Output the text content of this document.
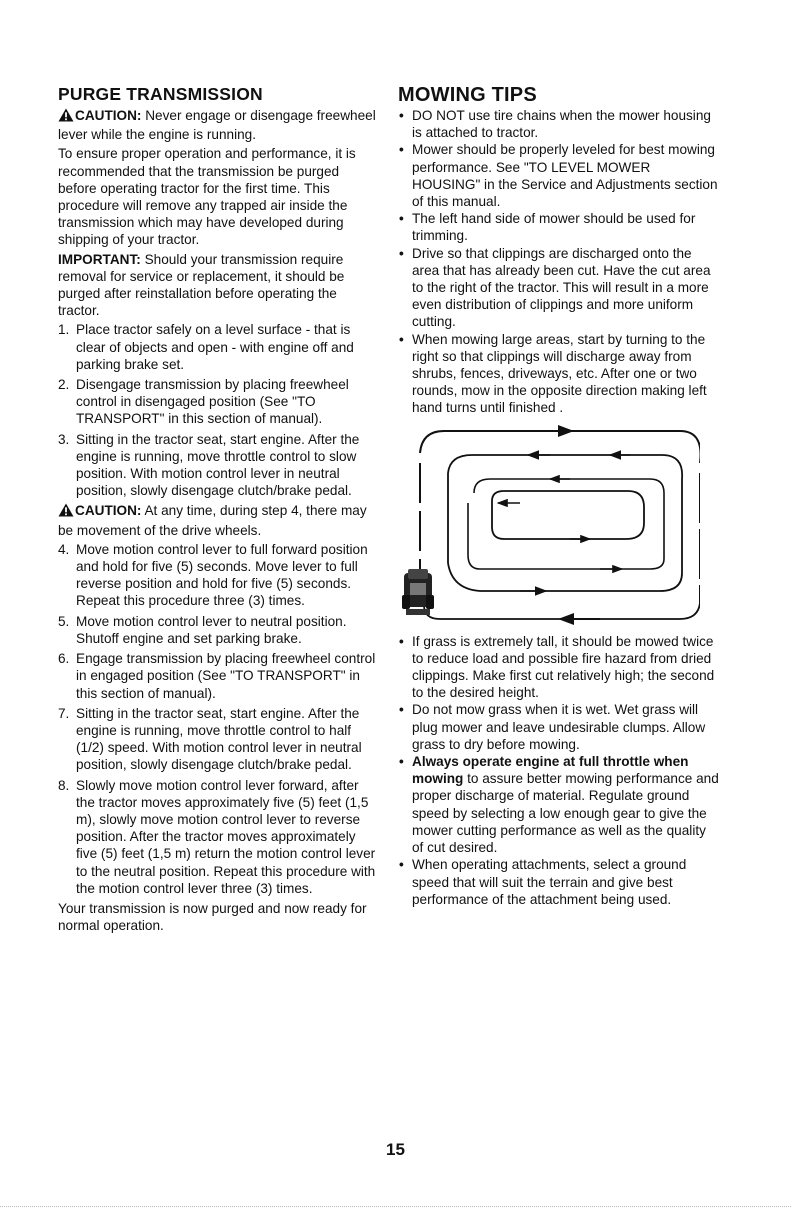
PURGE TRANSMISSION

CAUTION: Never engage or disengage freewheel lever while the engine is running.

To ensure proper operation and performance, it is recommended that the transmission be purged before operating tractor for the first time. This procedure will remove any trapped air inside the transmission which may have developed during shipping of your tractor.

IMPORTANT: Should your transmission require removal for service or replacement, it should be purged after reinstallation before operating the tractor.

1. Place tractor safely on a level surface - that is clear of objects and open - with engine off and parking brake set.
2. Disengage transmission by placing freewheel control in disengaged position (See "TO TRANSPORT" in this section of manual).
3. Sitting in the tractor seat, start engine. After the engine is running, move throttle control to slow position. With motion control lever in neutral position, slowly disengage clutch/brake pedal.

CAUTION: At any time, during step 4, there may be movement of the drive wheels.

4. Move motion control lever to full forward position and hold for five (5) seconds. Move lever to full reverse position and hold for five (5) seconds. Repeat this procedure three (3) times.
5. Move motion control lever to neutral position. Shutoff engine and set parking brake.
6. Engage transmission by placing freewheel control in engaged position (See "TO TRANSPORT" in this section of manual).
7. Sitting in the tractor seat, start engine. After the engine is running, move throttle control to half (1/2) speed. With motion control lever in neutral position, slowly disengage clutch/brake pedal.
8. Slowly move motion control lever forward, after the tractor moves approximately five (5) feet (1,5 m), slowly move motion control lever to reverse position. After the tractor moves approximately five (5) feet (1,5 m) return the motion control lever to the neutral position. Repeat this procedure with the motion control lever three (3) times.

Your transmission is now purged and now ready for normal operation.

MOWING TIPS
• DO NOT use tire chains when the mower housing is attached to tractor.
• Mower should be properly leveled for best mowing performance. See "TO LEVEL MOWER HOUSING" in the Service and Adjustments section of this manual.
• The left hand side of mower should be used for trimming.
• Drive so that clippings are discharged onto the area that has already been cut. Have the cut area to the right of the tractor. This will result in a more even distribution of clippings and more uniform cutting.
• When mowing large areas, start by turning to the right so that clippings will discharge away from shrubs, fences, driveways, etc. After one or two rounds, mow in the opposite direction making left hand turns until finished .
• If grass is extremely tall, it should be mowed twice to reduce load and possible fire hazard from dried clippings. Make first cut relatively high; the second to the desired height.
• Do not mow grass when it is wet. Wet grass will plug mower and leave undesirable clumps. Allow grass to dry before mowing.
• Always operate engine at full throttle when mowing to assure better mowing performance and proper discharge of material. Regulate ground speed by selecting a low enough gear to give the mower cutting performance as well as the quality of cut desired.
• When operating attachments, select a ground speed that will suit the terrain and give best performance of the attachment being used.
15
